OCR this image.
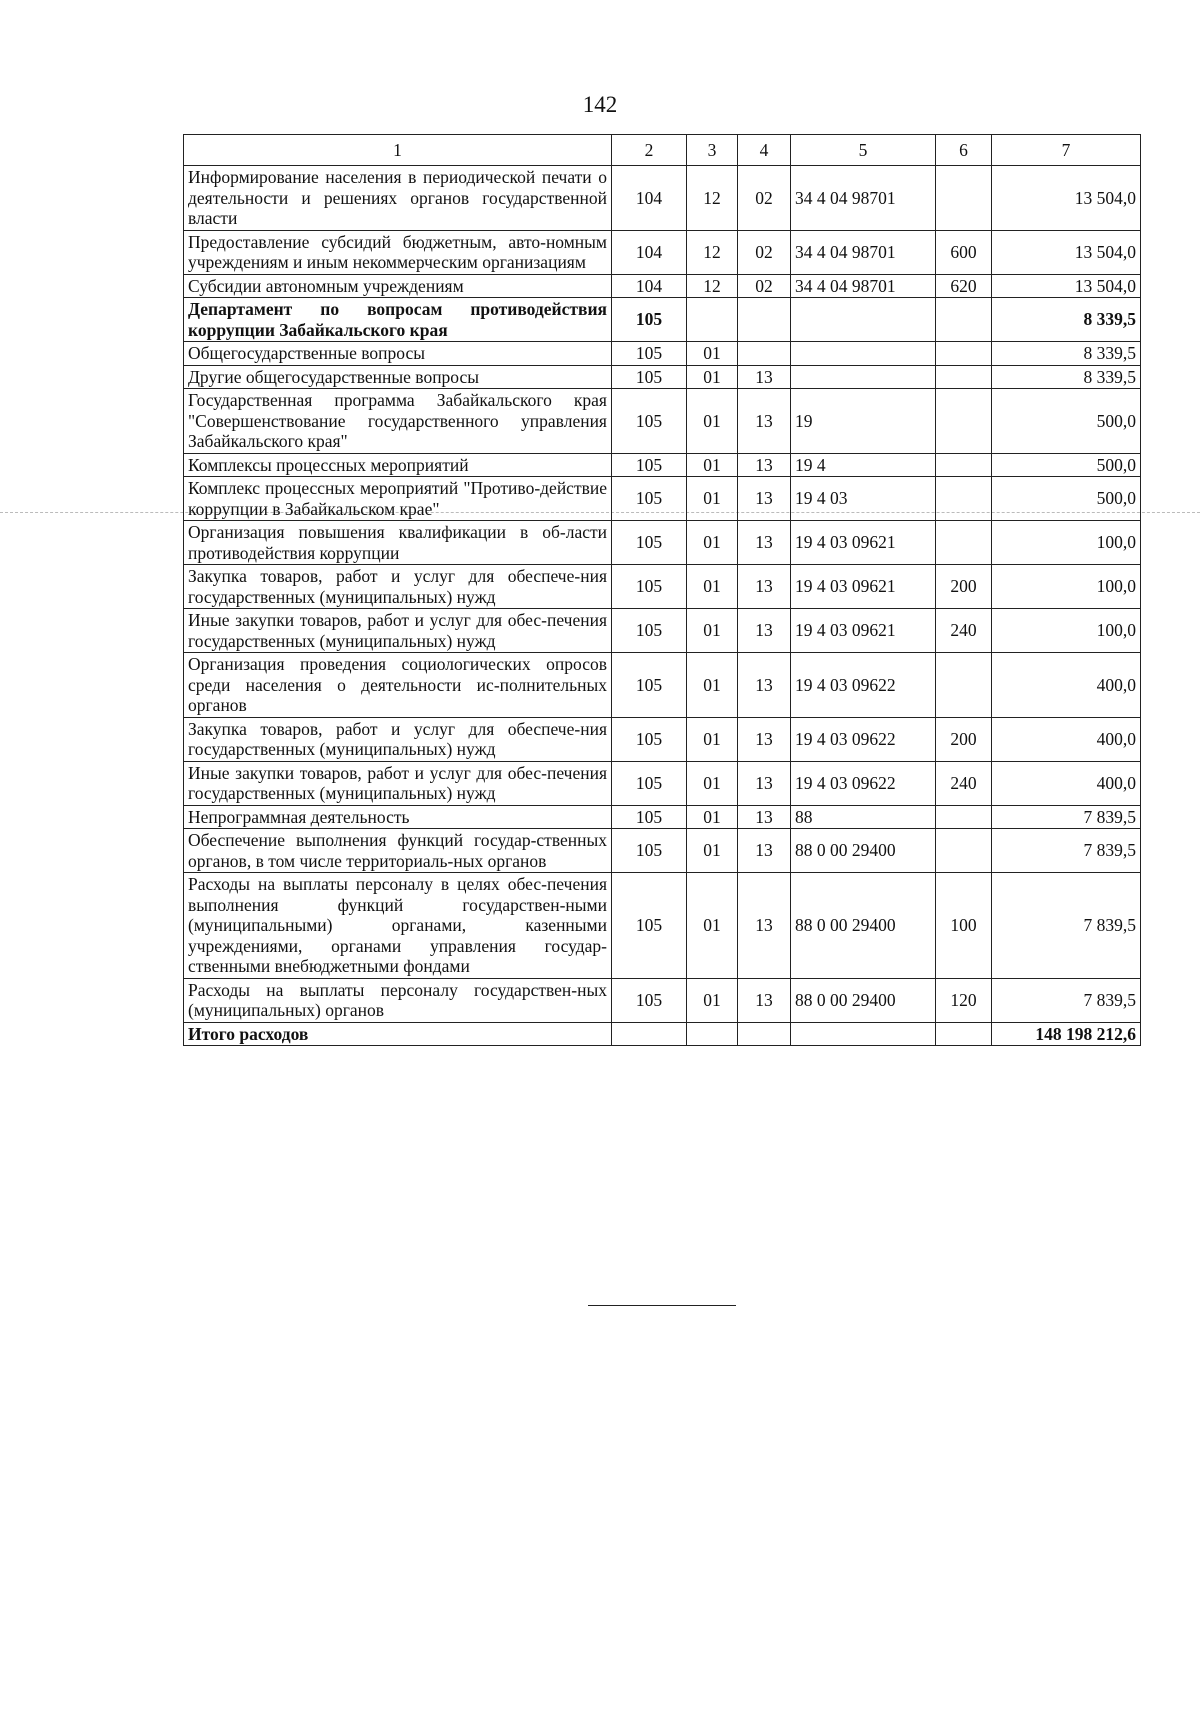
142
1	2	3	4	5	6	7
Информирование населения в периодической печати о деятельности и решениях органов государственной власти	104	12	02	34 4 04 98701		13 504,0
Предоставление субсидий бюджетным, авто-номным учреждениям и иным некоммерческим организациям	104	12	02	34 4 04 98701	600	13 504,0
Субсидии автономным учреждениям	104	12	02	34 4 04 98701	620	13 504,0
Департамент по вопросам противодействия коррупции Забайкальского края	105					8 339,5
Общегосударственные вопросы	105	01				8 339,5
Другие общегосударственные вопросы	105	01	13			8 339,5
Государственная программа Забайкальского края "Совершенствование государственного управления Забайкальского края"	105	01	13	19		500,0
Комплексы процессных мероприятий	105	01	13	19 4		500,0
Комплекс процессных мероприятий "Противо-действие коррупции в Забайкальском крае"	105	01	13	19 4 03		500,0
Организация повышения квалификации в об-ласти противодействия коррупции	105	01	13	19 4 03 09621		100,0
Закупка товаров, работ и услуг для обеспече-ния государственных (муниципальных) нужд	105	01	13	19 4 03 09621	200	100,0
Иные закупки товаров, работ и услуг для обес-печения государственных (муниципальных) нужд	105	01	13	19 4 03 09621	240	100,0
Организация проведения социологических опросов среди населения о деятельности ис-полнительных органов	105	01	13	19 4 03 09622		400,0
Закупка товаров, работ и услуг для обеспече-ния государственных (муниципальных) нужд	105	01	13	19 4 03 09622	200	400,0
Иные закупки товаров, работ и услуг для обес-печения государственных (муниципальных) нужд	105	01	13	19 4 03 09622	240	400,0
Непрограммная деятельность	105	01	13	88		7 839,5
Обеспечение выполнения функций государ-ственных органов, в том числе территориаль-ных органов	105	01	13	88 0 00 29400		7 839,5
Расходы на выплаты персоналу в целях обес-печения выполнения функций государствен-ными (муниципальными) органами, казенными учреждениями, органами управления государ-ственными внебюджетными фондами	105	01	13	88 0 00 29400	100	7 839,5
Расходы на выплаты персоналу государствен-ных (муниципальных) органов	105	01	13	88 0 00 29400	120	7 839,5
Итого расходов						148 198 212,6
